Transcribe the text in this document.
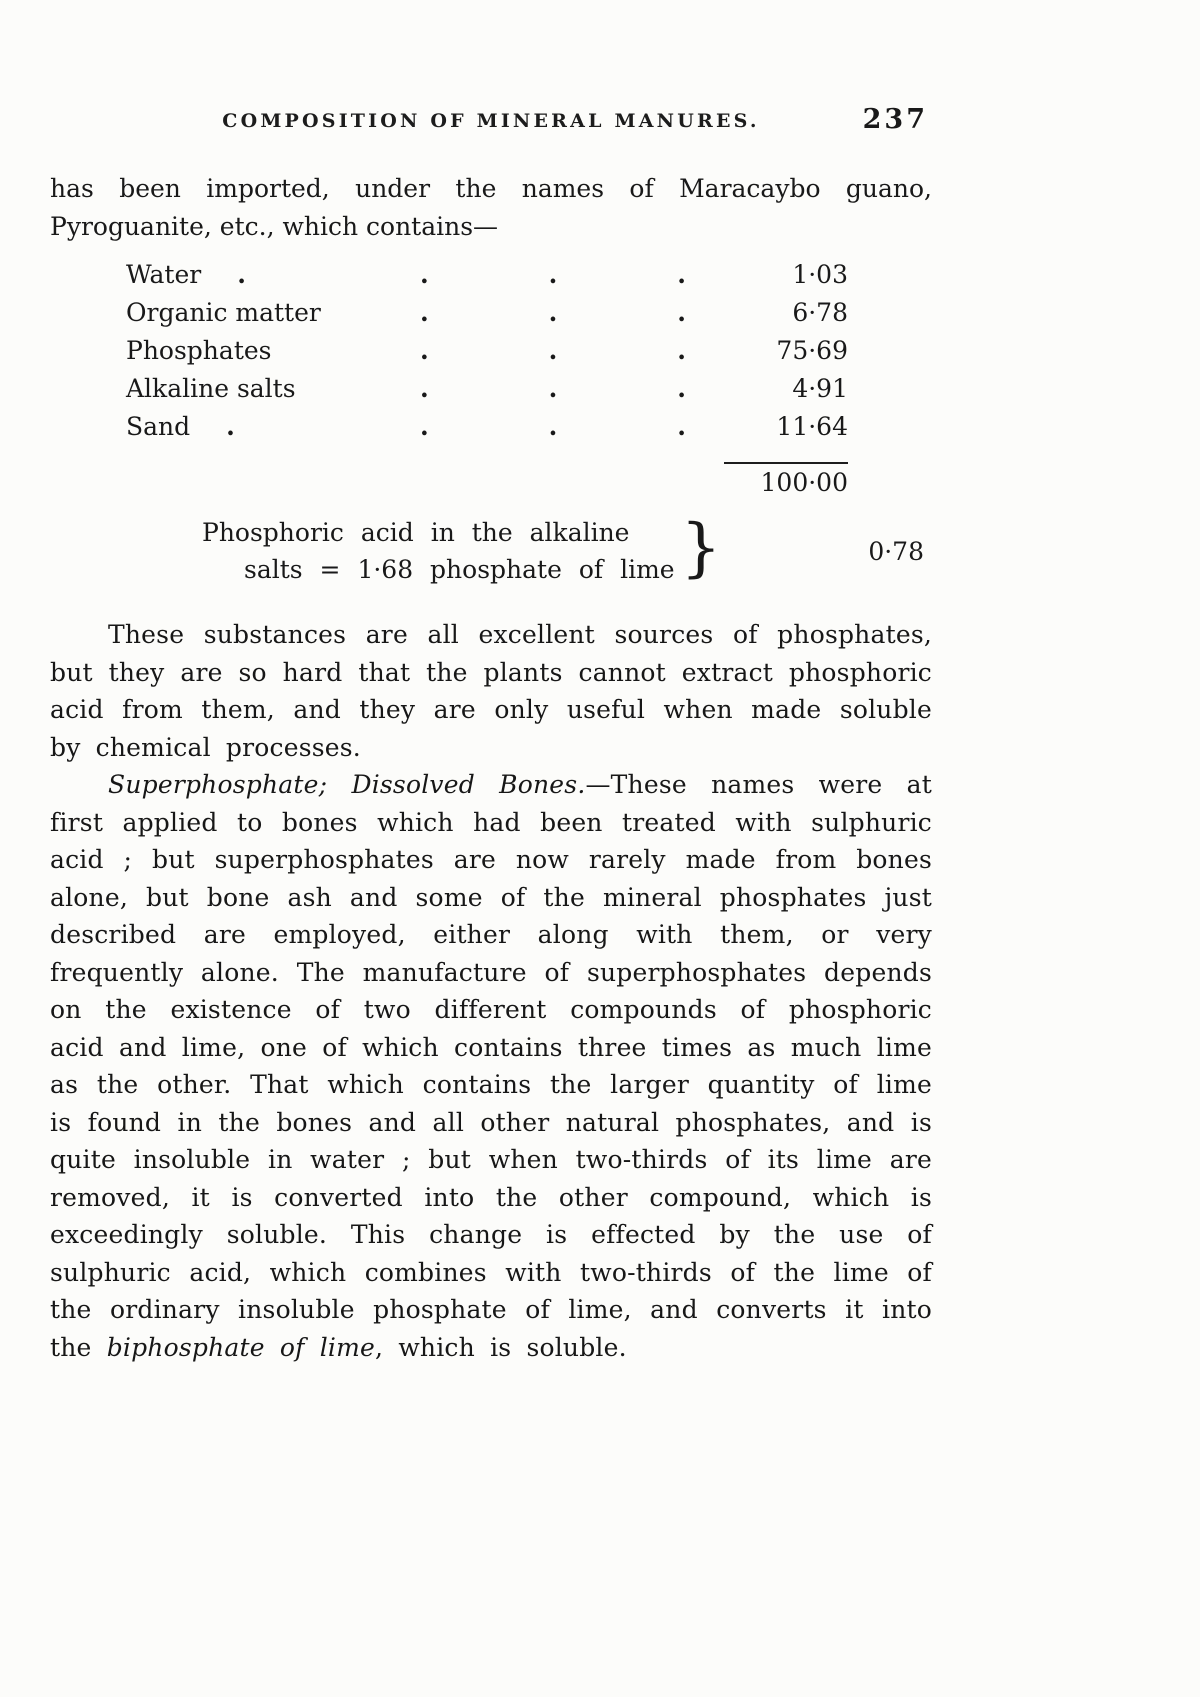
COMPOSITION OF MINERAL MANURES.	237
has been imported, under the names of Maracaybo guano,
Pyroguanite, etc., which contains—
Water .	.	.	.	1·03
Organic matter	.	.	.	6·78
Phosphates	.	.	.	75·69
Alkaline salts	.	.	.	4·91
Sand .	.	.	.	11·64
100·00
Phosphoric acid in the alkaline
salts = 1·68 phosphate of lime }	0·78

These substances are all excellent sources of phosphates, but they are so hard that the plants cannot extract phosphoric acid from them, and they are only useful when made soluble by chemical processes.

Superphosphate; Dissolved Bones.—These names were at first applied to bones which had been treated with sulphuric acid ; but superphosphates are now rarely made from bones alone, but bone ash and some of the mineral phosphates just described are employed, either along with them, or very frequently alone. The manufacture of superphosphates depends on the existence of two different compounds of phosphoric acid and lime, one of which contains three times as much lime as the other. That which contains the larger quantity of lime is found in the bones and all other natural phosphates, and is quite insoluble in water ; but when two-thirds of its lime are removed, it is converted into the other compound, which is exceedingly soluble. This change is effected by the use of sulphuric acid, which combines with two-thirds of the lime of the ordinary insoluble phosphate of lime, and converts it into the biphosphate of lime, which is soluble.
